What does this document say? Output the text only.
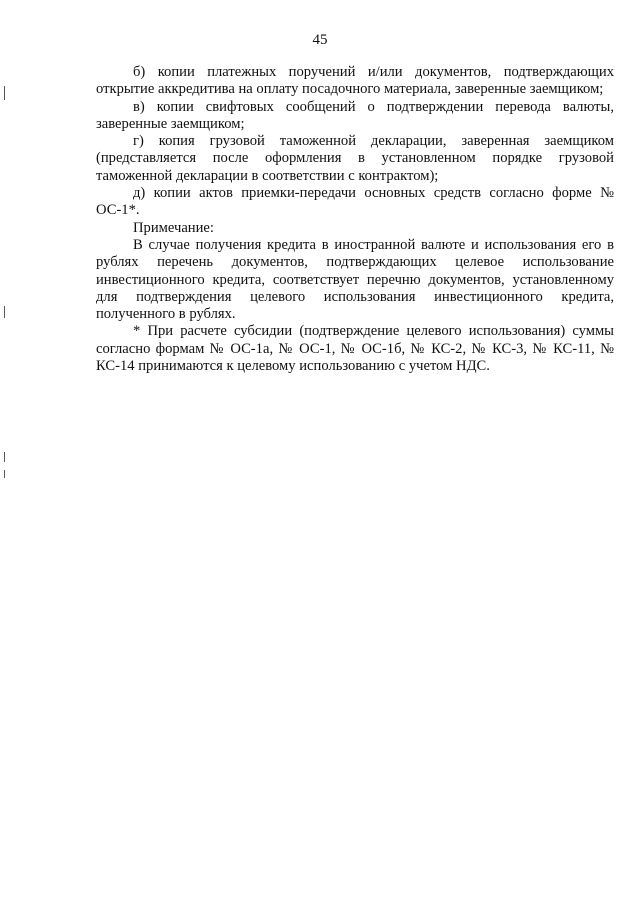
45

б) копии платежных поручений и/или документов, подтверждающих открытие аккредитива на оплату посадочного материала, заверенные заемщиком;

в) копии свифтовых сообщений о подтверждении перевода валюты, заверенные заемщиком;

г) копия грузовой таможенной декларации, заверенная заемщиком (представляется после оформления в установленном порядке грузовой таможенной декларации в соответствии с контрактом);

д) копии актов приемки-передачи основных средств согласно форме № ОС-1*.

Примечание:

В случае получения кредита в иностранной валюте и использования его в рублях перечень документов, подтверждающих целевое использование инвестиционного кредита, соответствует перечню документов, установленному для подтверждения целевого использования инвестиционного кредита, полученного в рублях.

* При расчете субсидии (подтверждение целевого использования) суммы согласно формам № ОС-1а, № ОС-1, № ОС-1б, № КС-2, № КС-3, № КС-11, № КС-14 принимаются к целевому использованию с учетом НДС.
